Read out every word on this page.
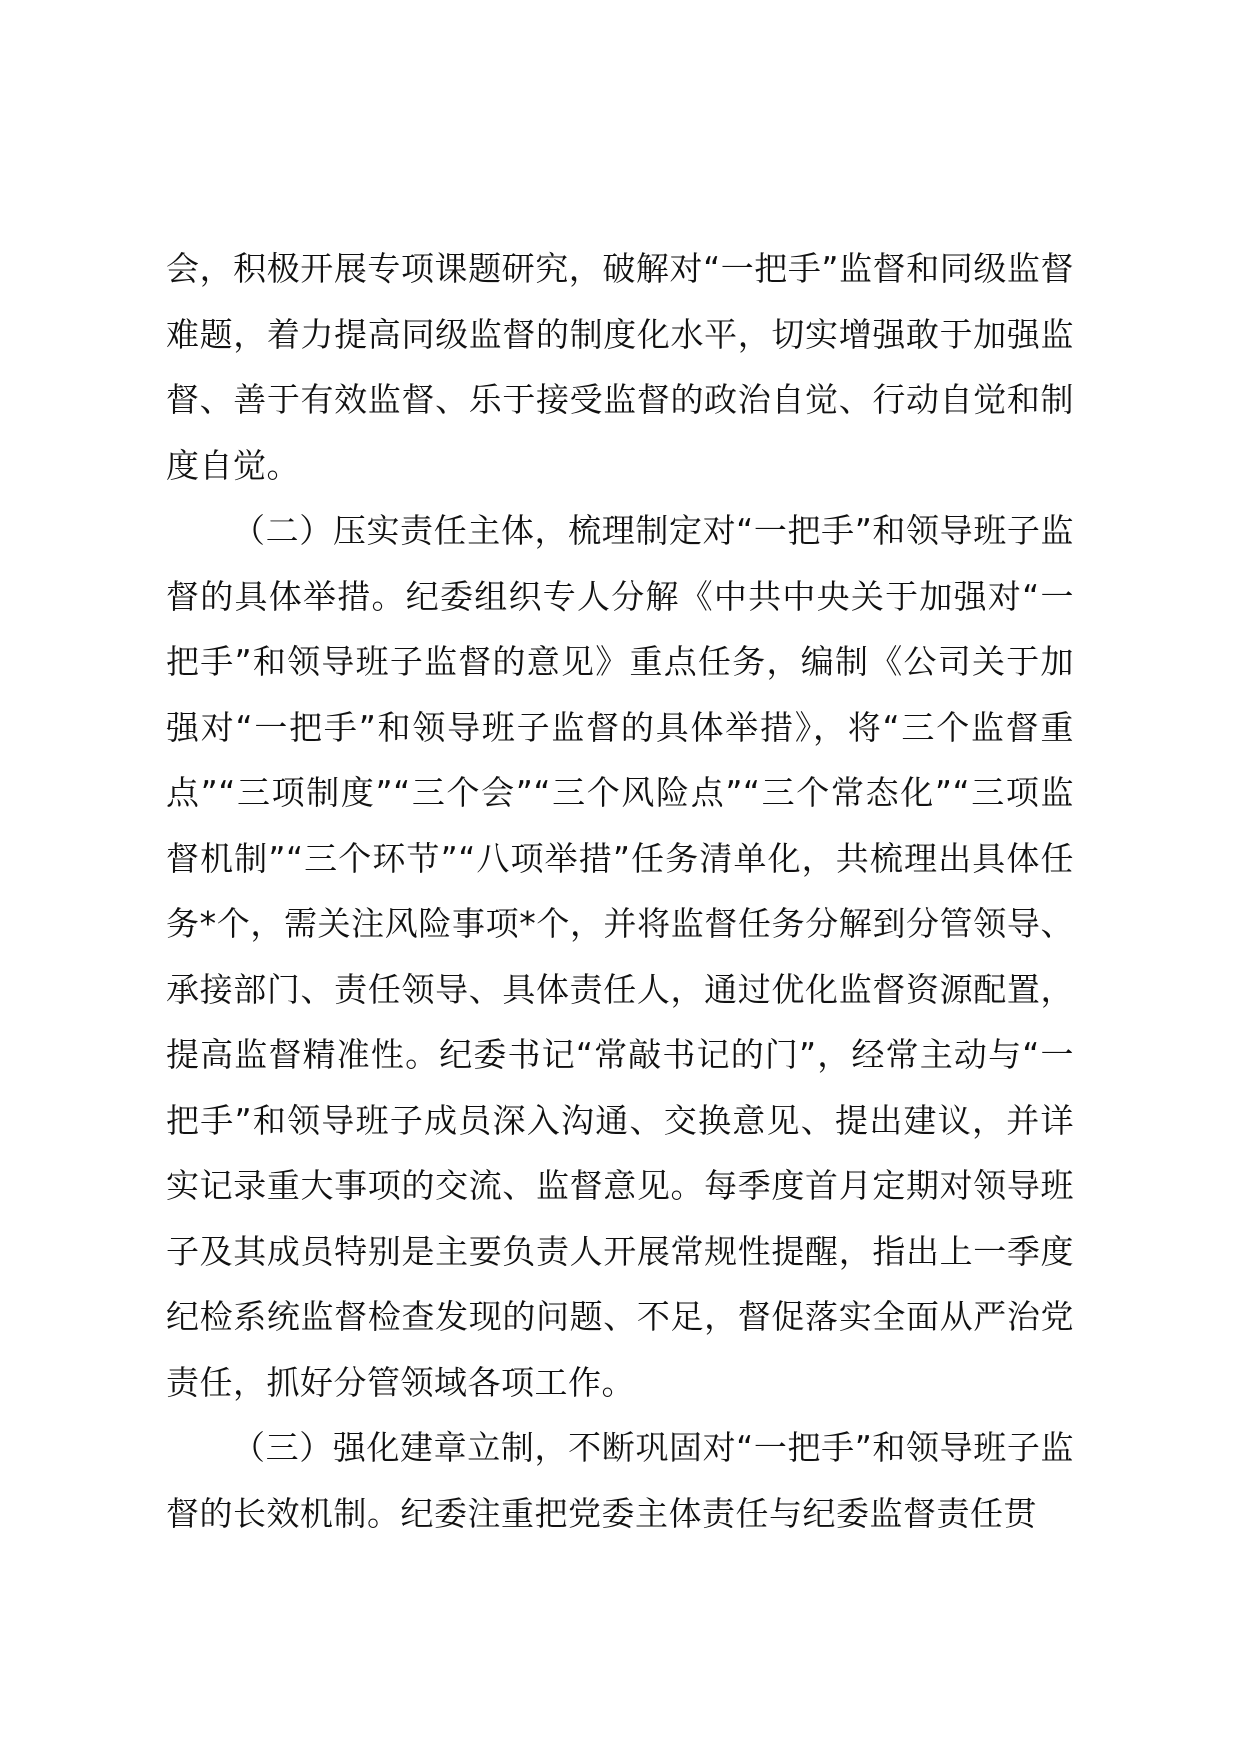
会，积极开展专项课题研究，破解对“一把手”监督和同级监督难题，着力提高同级监督的制度化水平，切实增强敢于加强监督、善于有效监督、乐于接受监督的政治自觉、行动自觉和制度自觉。

（二）压实责任主体，梳理制定对“一把手”和领导班子监督的具体举措。纪委组织专人分解《中共中央关于加强对“一把手”和领导班子监督的意见》重点任务，编制《公司关于加强对“一把手”和领导班子监督的具体举措》，将“三个监督重点”“三项制度”“三个会”“三个风险点”“三个常态化”“三项监督机制”“三个环节”“八项举措”任务清单化，共梳理出具体任务*个，需关注风险事项*个，并将监督任务分解到分管领导、承接部门、责任领导、具体责任人，通过优化监督资源配置，提高监督精准性。纪委书记“常敲书记的门”，经常主动与“一把手”和领导班子成员深入沟通、交换意见、提出建议，并详实记录重大事项的交流、监督意见。每季度首月定期对领导班子及其成员特别是主要负责人开展常规性提醒，指出上一季度纪检系统监督检查发现的问题、不足，督促落实全面从严治党责任，抓好分管领域各项工作。

（三）强化建章立制，不断巩固对“一把手”和领导班子监督的长效机制。纪委注重把党委主体责任与纪委监督责任贯
